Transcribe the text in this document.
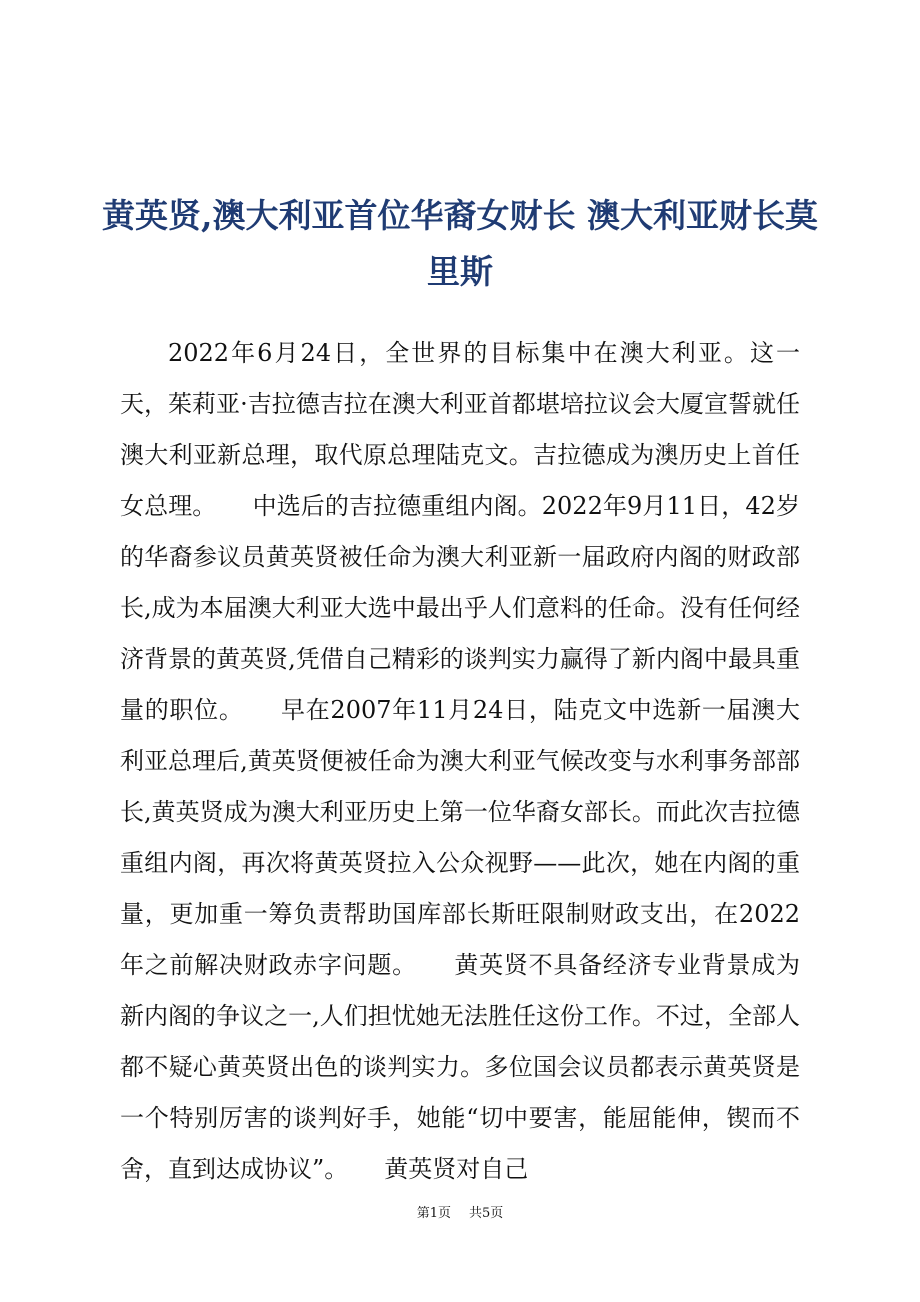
黄英贤,澳大利亚首位华裔女财长 澳大利亚财长莫里斯

2022年6月24日，全世界的目标集中在澳大利亚。这一天，茱莉亚·吉拉德吉拉在澳大利亚首都堪培拉议会大厦宣誓就任澳大利亚新总理，取代原总理陆克文。吉拉德成为澳历史上首任女总理。　　中选后的吉拉德重组内阁。2022年9月11日，42岁的华裔参议员黄英贤被任命为澳大利亚新一届政府内阁的财政部长,成为本届澳大利亚大选中最出乎人们意料的任命。没有任何经济背景的黄英贤,凭借自己精彩的谈判实力赢得了新内阁中最具重量的职位。　　早在2007年11月24日，陆克文中选新一届澳大利亚总理后,黄英贤便被任命为澳大利亚气候改变与水利事务部部长,黄英贤成为澳大利亚历史上第一位华裔女部长。而此次吉拉德重组内阁，再次将黄英贤拉入公众视野——此次，她在内阁的重量，更加重一筹负责帮助国库部长斯旺限制财政支出，在2022年之前解决财政赤字问题。　　黄英贤不具备经济专业背景成为新内阁的争议之一,人们担忧她无法胜任这份工作。不过，全部人都不疑心黄英贤出色的谈判实力。多位国会议员都表示黄英贤是一个特别厉害的谈判好手，她能“切中要害，能屈能伸，锲而不舍，直到达成协议”。　　黄英贤对自己

第1页 共5页
